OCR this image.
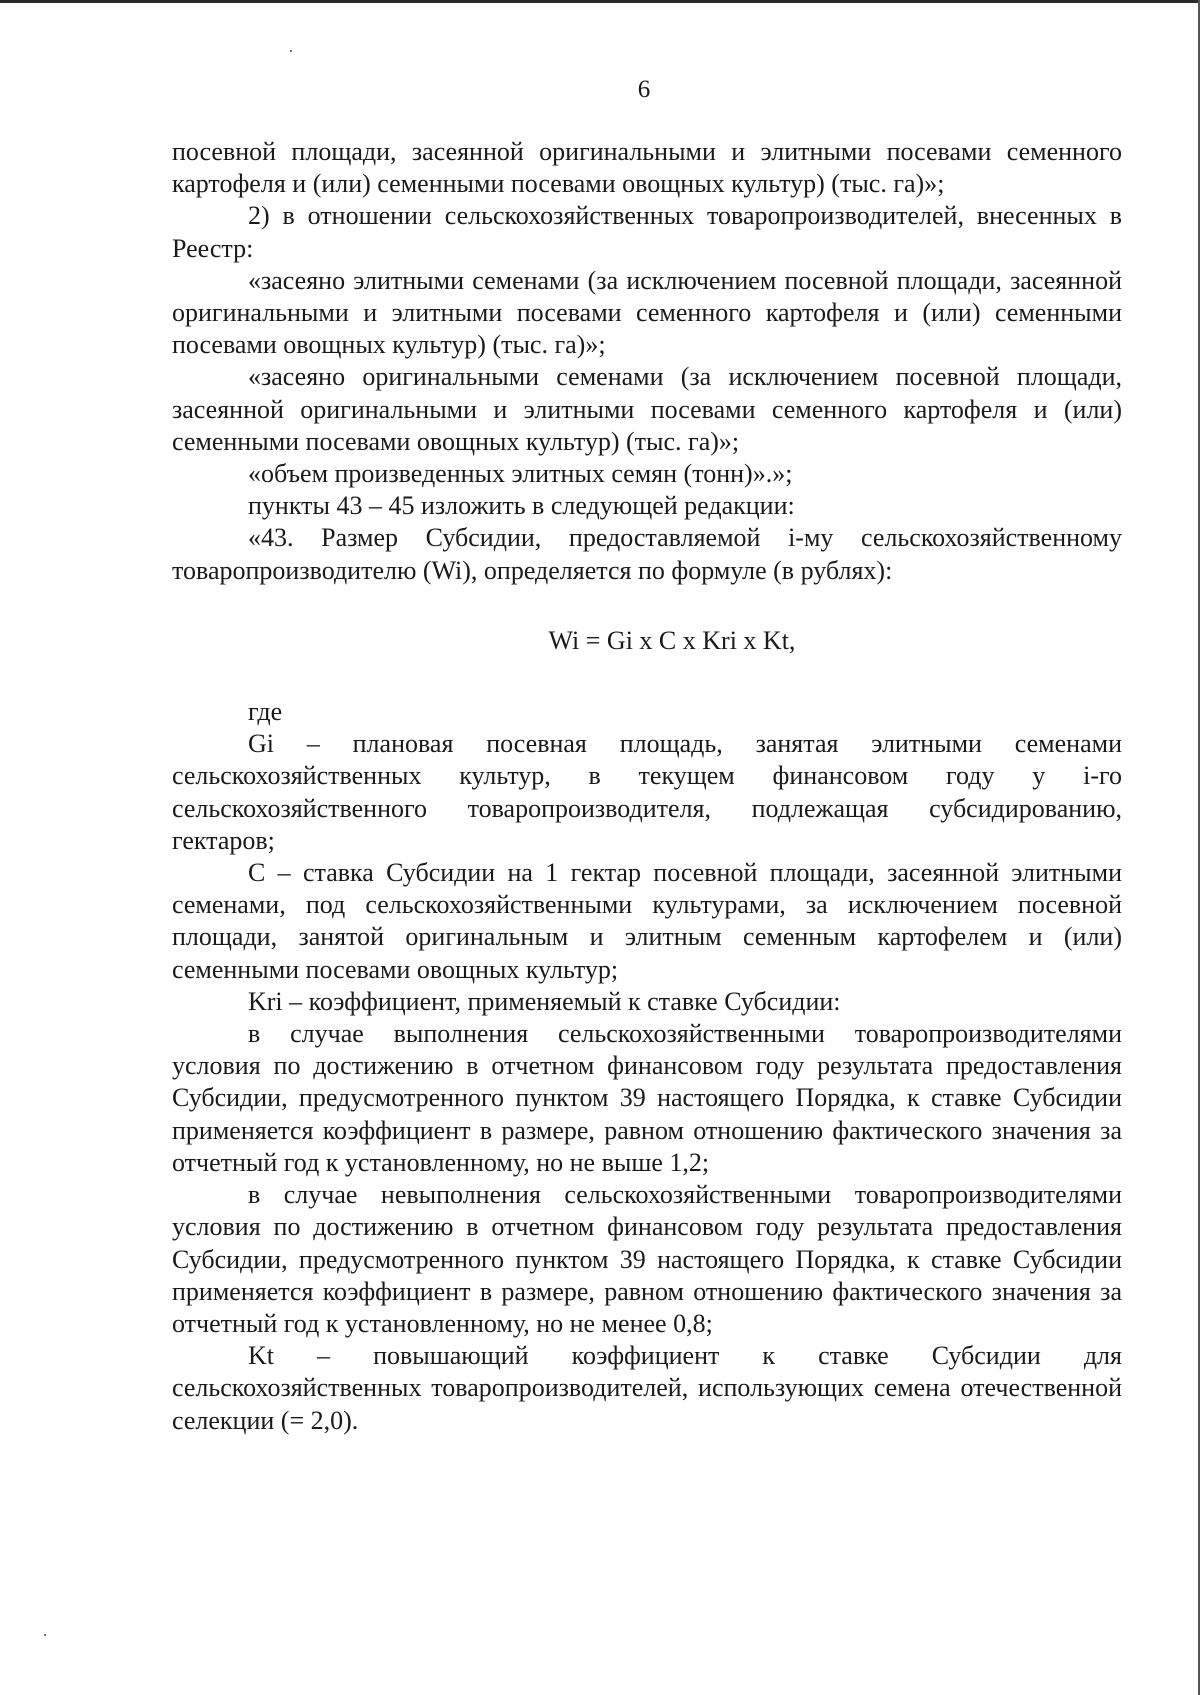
6

посевной площади, засеянной оригинальными и элитными посевами семенного картофеля и (или) семенными посевами овощных культур) (тыс. га)»;

2) в отношении сельскохозяйственных товаропроизводителей, внесенных в Реестр:

«засеяно элитными семенами (за исключением посевной площади, засеянной оригинальными и элитными посевами семенного картофеля и (или) семенными посевами овощных культур) (тыс. га)»;

«засеяно оригинальными семенами (за исключением посевной площади, засеянной оригинальными и элитными посевами семенного картофеля и (или) семенными посевами овощных культур) (тыс. га)»;

«объем произведенных элитных семян (тонн)».»;

пункты 43 – 45 изложить в следующей редакции:

«43. Размер Субсидии, предоставляемой i-му сельскохозяйственному товаропроизводителю (Wi), определяется по формуле (в рублях):

Wi = Gi x C x Kri x Kt,

где

Gi – плановая посевная площадь, занятая элитными семенами сельскохозяйственных культур, в текущем финансовом году у i-го сельскохозяйственного товаропроизводителя, подлежащая субсидированию, гектаров;

С – ставка Субсидии на 1 гектар посевной площади, засеянной элитными семенами, под сельскохозяйственными культурами, за исключением посевной площади, занятой оригинальным и элитным семенным картофелем и (или) семенными посевами овощных культур;

Kri – коэффициент, применяемый к ставке Субсидии:

в случае выполнения сельскохозяйственными товаропроизводителями условия по достижению в отчетном финансовом году результата предоставления Субсидии, предусмотренного пунктом 39 настоящего Порядка, к ставке Субсидии применяется коэффициент в размере, равном отношению фактического значения за отчетный год к установленному, но не выше 1,2;

в случае невыполнения сельскохозяйственными товаропроизводителями условия по достижению в отчетном финансовом году результата предоставления Субсидии, предусмотренного пунктом 39 настоящего Порядка, к ставке Субсидии применяется коэффициент в размере, равном отношению фактического значения за отчетный год к установленному, но не менее 0,8;

Kt – повышающий коэффициент к ставке Субсидии для сельскохозяйственных товаропроизводителей, использующих семена отечественной селекции (= 2,0).
